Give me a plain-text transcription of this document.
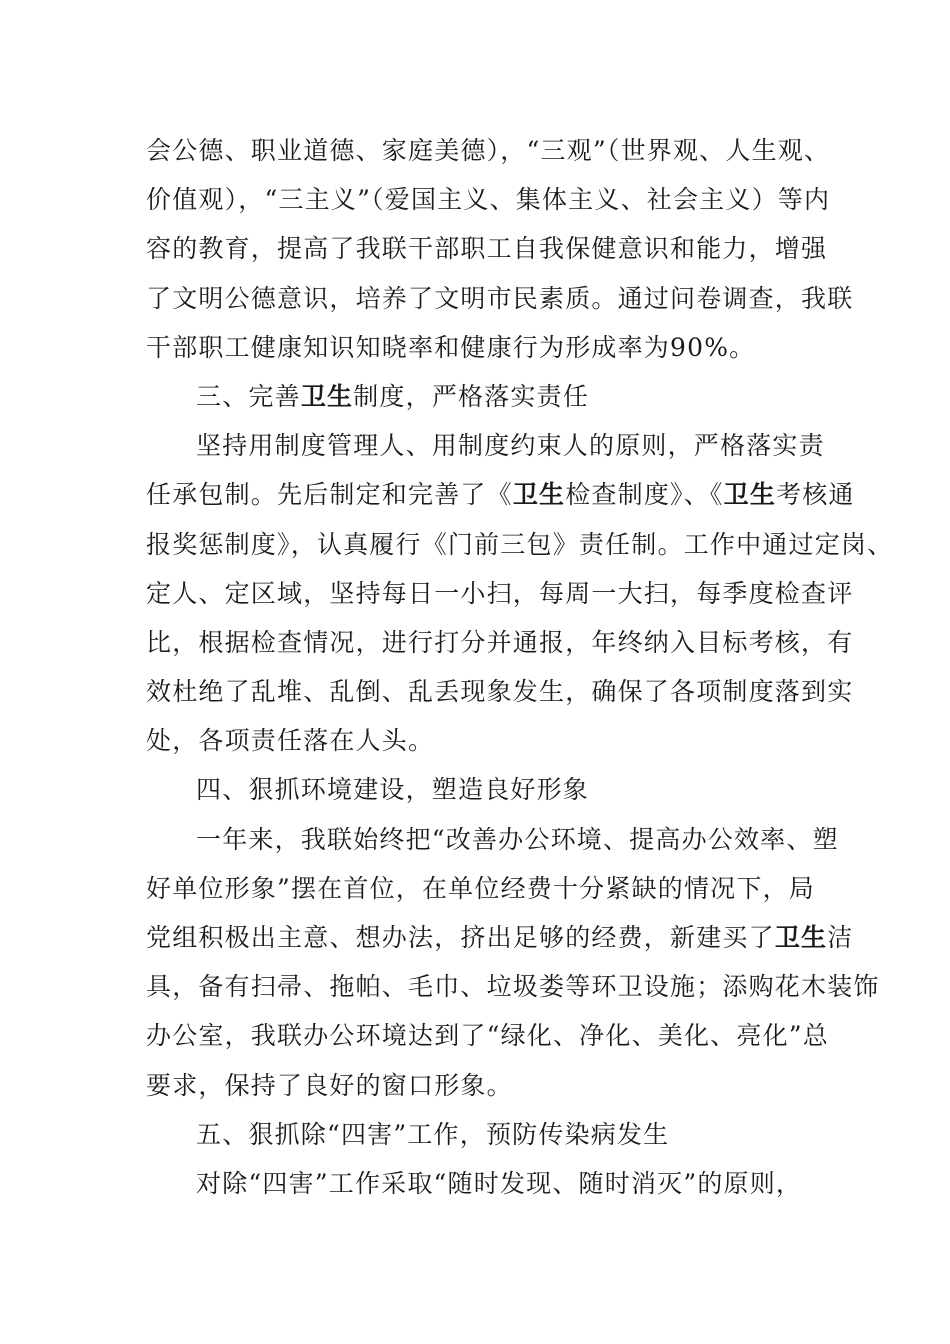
会公德、职业道德、家庭美德），“三观”（世界观、人生观、
价值观），“三主义”（爱国主义、集体主义、社会主义）等内
容的教育，提高了我联干部职工自我保健意识和能力，增强
了文明公德意识，培养了文明市民素质。通过问卷调查，我联
干部职工健康知识知晓率和健康行为形成率为90%。
三、完善卫生制度，严格落实责任
坚持用制度管理人、用制度约束人的原则，严格落实责
任承包制。先后制定和完善了《卫生检查制度》、《卫生考核通
报奖惩制度》，认真履行《门前三包》责任制。工作中通过定岗、
定人、定区域，坚持每日一小扫，每周一大扫，每季度检查评
比，根据检查情况，进行打分并通报，年终纳入目标考核，有
效杜绝了乱堆、乱倒、乱丢现象发生，确保了各项制度落到实
处，各项责任落在人头。
四、狠抓环境建设，塑造良好形象
一年来，我联始终把“改善办公环境、提高办公效率、塑
好单位形象”摆在首位，在单位经费十分紧缺的情况下，局
党组积极出主意、想办法，挤出足够的经费，新建买了卫生洁
具，备有扫帚、拖帕、毛巾、垃圾娄等环卫设施；添购花木装饰
办公室，我联办公环境达到了“绿化、净化、美化、亮化”总
要求，保持了良好的窗口形象。
五、狠抓除“四害”工作，预防传染病发生
对除“四害”工作采取“随时发现、随时消灭”的原则，
